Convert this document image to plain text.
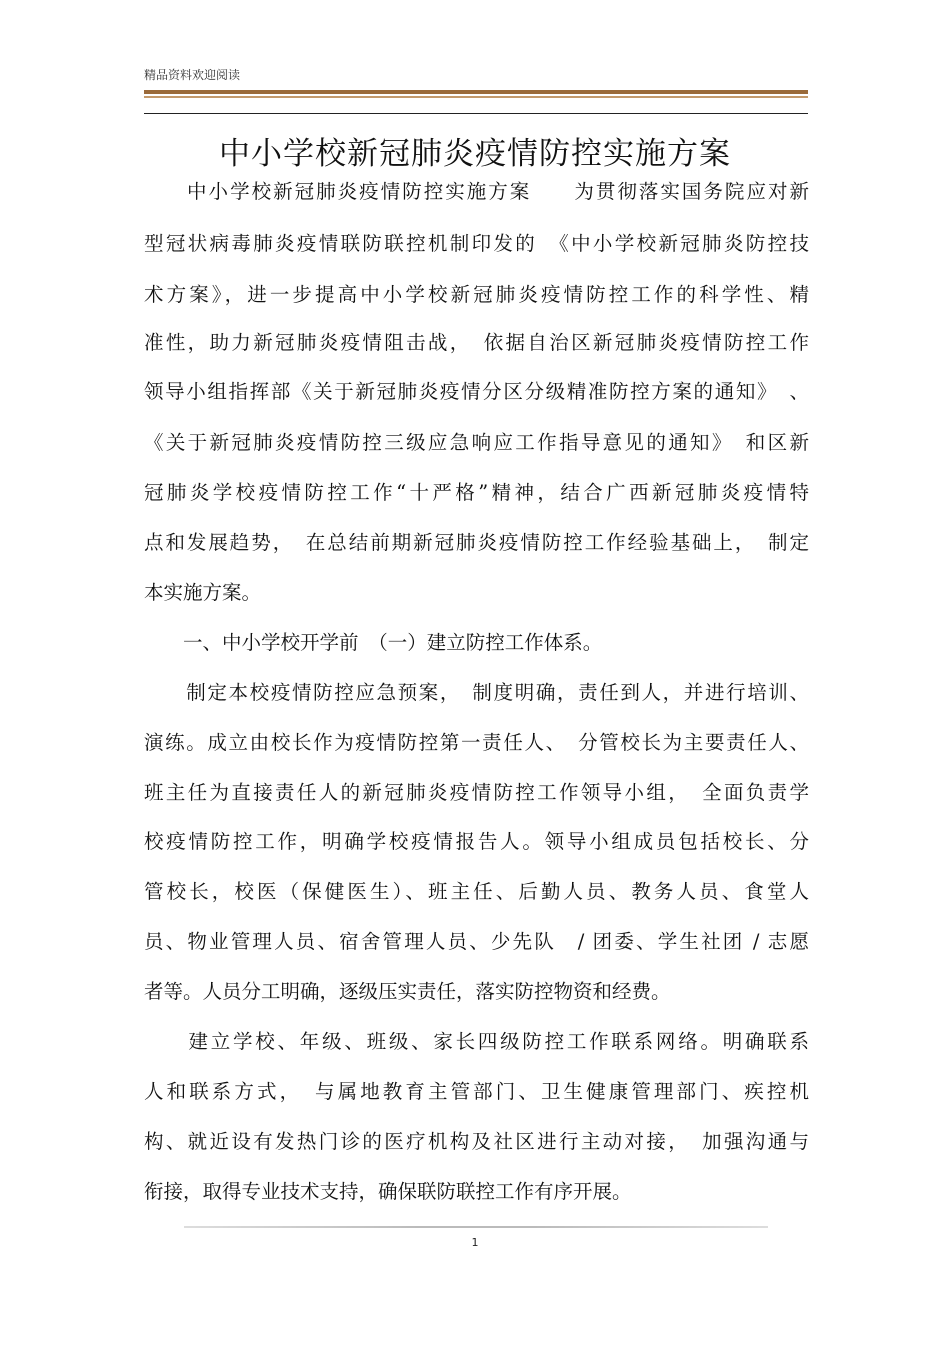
精品资料欢迎阅读
中小学校新冠肺炎疫情防控实施方案
　　中小学校新冠肺炎疫情防控实施方案　　为贯彻落实国务院应对新
型冠状病毒肺炎疫情联防联控机制印发的　《中小学校新冠肺炎防控技
术方案》，进一步提高中小学校新冠肺炎疫情防控工作的科学性、精
准性，助力新冠肺炎疫情阻击战，　依据自治区新冠肺炎疫情防控工作
领导小组指挥部《关于新冠肺炎疫情分区分级精准防控方案的通知》　、
《关于新冠肺炎疫情防控三级应急响应工作指导意见的通知》　和区新
冠肺炎学校疫情防控工作“十严格”精神，结合广西新冠肺炎疫情特
点和发展趋势，　在总结前期新冠肺炎疫情防控工作经验基础上，　制定
本实施方案。
　　一、中小学校开学前　（一）建立防控工作体系。
　　制定本校疫情防控应急预案，　制度明确，责任到人，并进行培训、
演练。成立由校长作为疫情防控第一责任人、　分管校长为主要责任人、
班主任为直接责任人的新冠肺炎疫情防控工作领导小组，　全面负责学
校疫情防控工作，明确学校疫情报告人。领导小组成员包括校长、分
管校长，校医（保健医生）、班主任、后勤人员、教务人员、食堂人
员、物业管理人员、宿舍管理人员、少先队　/ 团委、学生社团 / 志愿
者等。人员分工明确，逐级压实责任，落实防控物资和经费。
　　建立学校、年级、班级、家长四级防控工作联系网络。明确联系
人和联系方式，　与属地教育主管部门、卫生健康管理部门、疾控机
构、就近设有发热门诊的医疗机构及社区进行主动对接，　加强沟通与
衔接，取得专业技术支持，确保联防联控工作有序开展。
1
